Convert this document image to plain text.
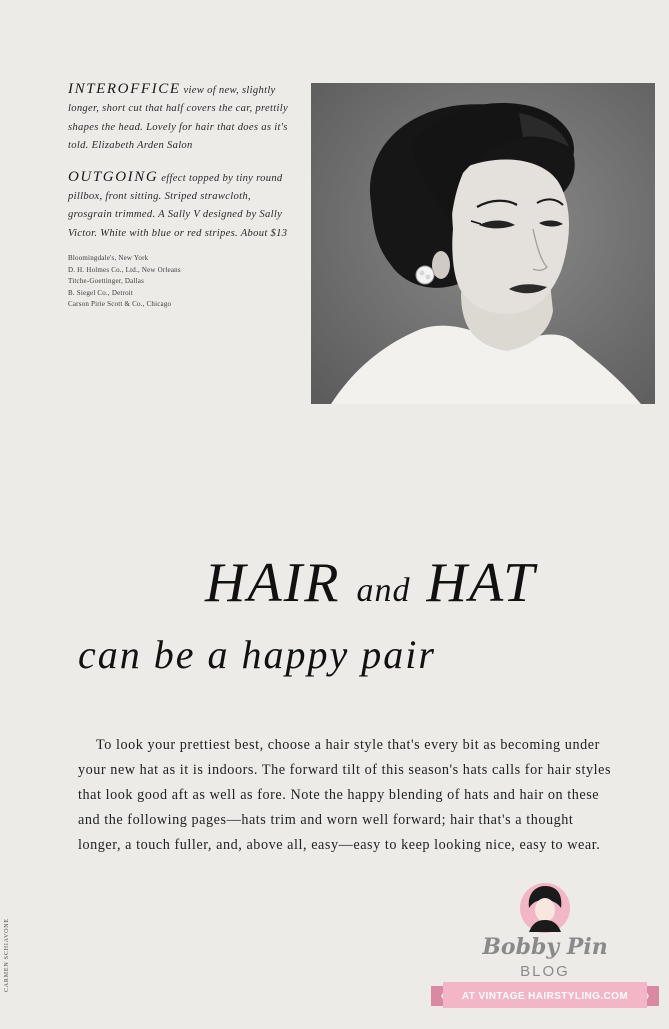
INTEROFFICE view of new, slightly longer, short cut that half covers the car, prettily shapes the head. Lovely for hair that does as it's told. Elizabeth Arden Salon

OUTGOING effect topped by tiny round pillbox, front sitting. Striped strawcloth, grosgrain trimmed. A Sally V designed by Sally Victor. White with blue or red stripes. About $13

Bloomingdale's, New York
D. H. Holmes Co., Ltd., New Orleans
Titche-Goettinger, Dallas
B. Siegel Co., Detroit
Carson Pirie Scott & Co., Chicago
HAIR and HAT
can be a happy pair

To look your prettiest best, choose a hair style that's every bit as becoming under your new hat as it is indoors. The forward tilt of this season's hats calls for hair styles that look good aft as well as fore. Note the happy blending of hats and hair on these and the following pages—hats trim and worn well forward; hair that's a thought longer, a touch fuller, and, above all, easy—easy to keep looking nice, easy to wear.

CARMEN SCHIAVONE	Bobby Pin
BLOG
AT VINTAGE HAIRSTYLING.COM
